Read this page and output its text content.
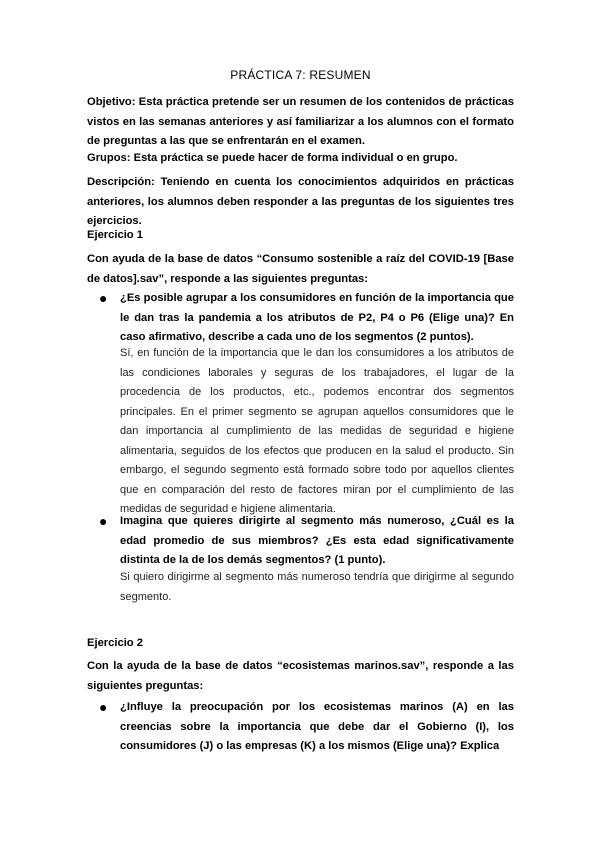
PRÁCTICA 7: RESUMEN

Objetivo: Esta práctica pretende ser un resumen de los contenidos de prácticas vistos en las semanas anteriores y así familiarizar a los alumnos con el formato de preguntas a las que se enfrentarán en el examen.

Grupos: Esta práctica se puede hacer de forma individual o en grupo.

Descripción: Teniendo en cuenta los conocimientos adquiridos en prácticas anteriores, los alumnos deben responder a las preguntas de los siguientes tres ejercicios.

Ejercicio 1

Con ayuda de la base de datos “Consumo sostenible a raíz del COVID-19 [Base de datos].sav”, responde a las siguientes preguntas:

● ¿Es posible agrupar a los consumidores en función de la importancia que le dan tras la pandemia a los atributos de P2, P4 o P6 (Elige una)? En caso afirmativo, describe a cada uno de los segmentos (2 puntos).

Sí, en función de la importancia que le dan los consumidores a los atributos de las condiciones laborales y seguras de los trabajadores, el lugar de la procedencia de los productos, etc., podemos encontrar dos segmentos principales. En el primer segmento se agrupan aquellos consumidores que le dan importancia al cumplimiento de las medidas de seguridad e higiene alimentaria, seguidos de los efectos que producen en la salud el producto. Sin embargo, el segundo segmento está formado sobre todo por aquellos clientes que en comparación del resto de factores miran por el cumplimiento de las medidas de seguridad e higiene alimentaria.

● Imagina que quieres dirigirte al segmento más numeroso, ¿Cuál es la edad promedio de sus miembros? ¿Es esta edad significativamente distinta de la de los demás segmentos? (1 punto).

Si quiero dirigirme al segmento más numeroso tendría que dirigirme al segundo segmento.

Ejercicio 2

Con la ayuda de la base de datos “ecosistemas marinos.sav”, responde a las siguientes preguntas:

● ¿Influye la preocupación por los ecosistemas marinos (A) en las creencias sobre la importancia que debe dar el Gobierno (I), los consumidores (J) o las empresas (K) a los mismos (Elige una)? Explica
